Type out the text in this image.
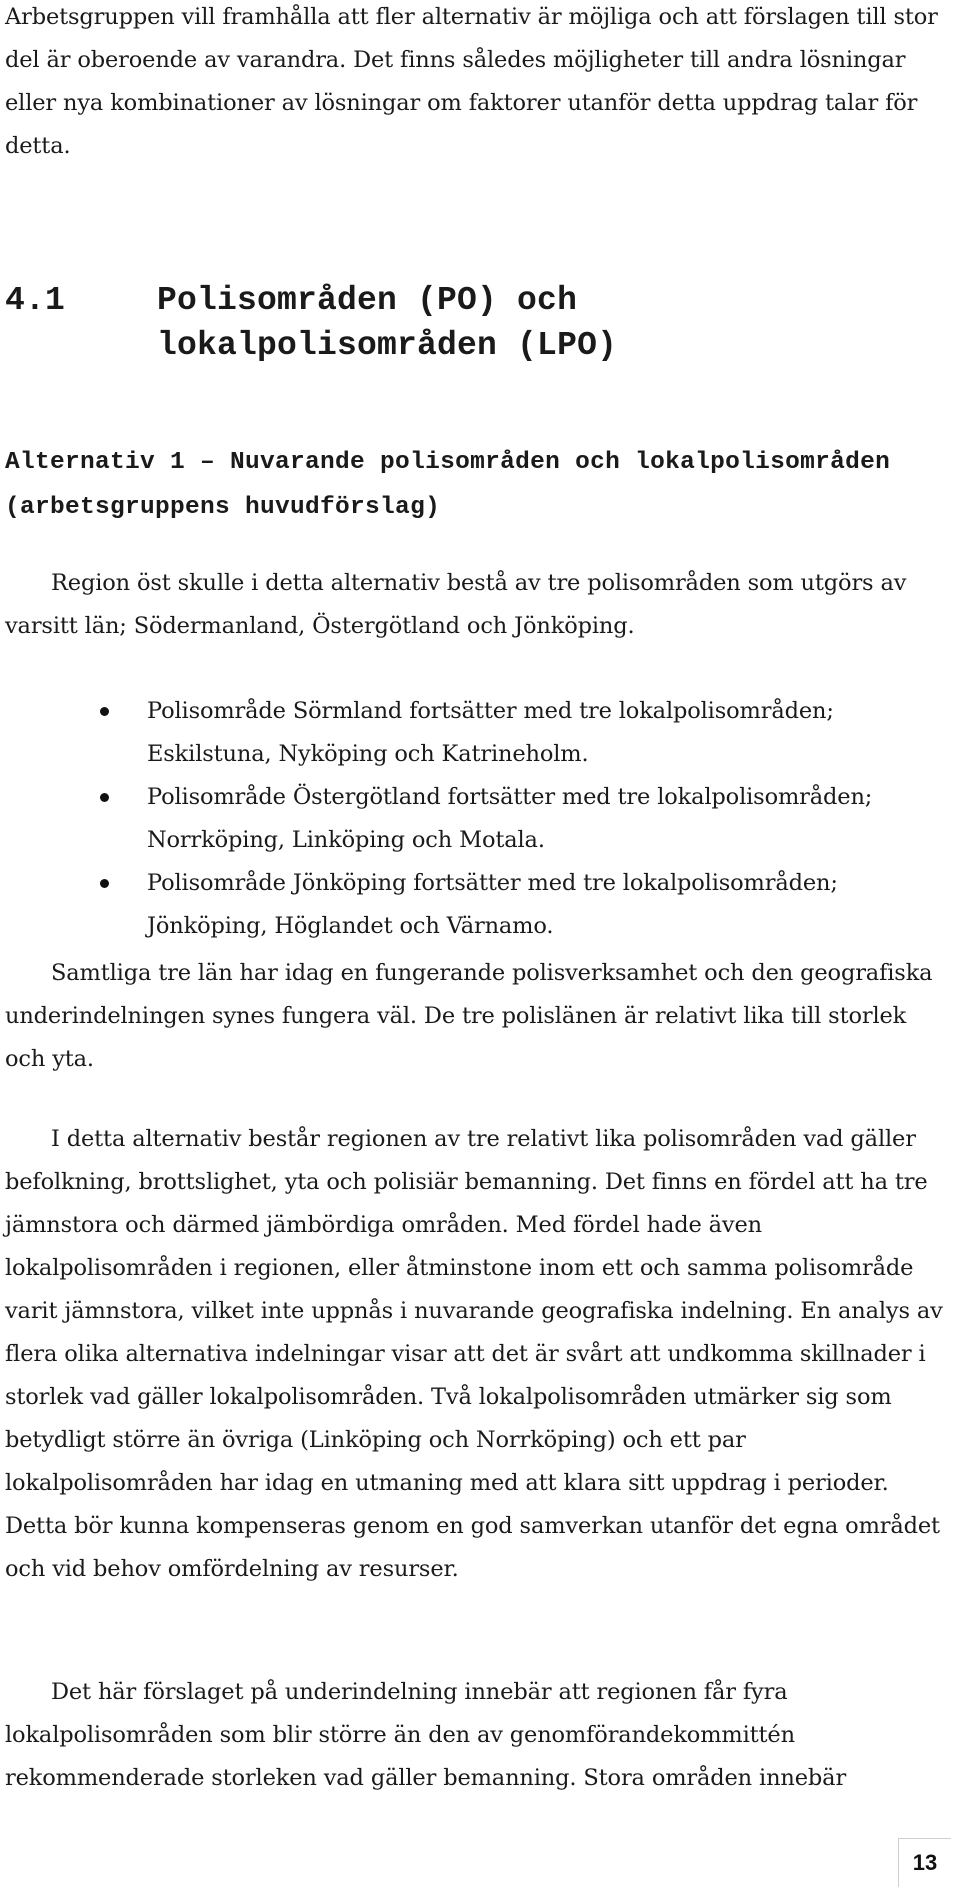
Arbetsgruppen vill framhålla att fler alternativ är möjliga och att förslagen till stor del är oberoende av varandra. Det finns således möjligheter till andra lösningar eller nya kombinationer av lösningar om faktorer utanför detta uppdrag talar för detta.

4.1	Polisområden (PO) och
lokalpolisområden (LPO)
Alternativ 1 – Nuvarande polisområden och lokalpolisområden (arbetsgruppens huvudförslag)

Region öst skulle i detta alternativ bestå av tre polisområden som utgörs av varsitt län; Södermanland, Östergötland och Jönköping.

Polisområde Sörmland fortsätter med tre lokalpolisområden; Eskilstuna, Nyköping och Katrineholm.
Polisområde Östergötland fortsätter med tre lokalpolisområden; Norrköping, Linköping och Motala.
Polisområde Jönköping fortsätter med tre lokalpolisområden; Jönköping, Höglandet och Värnamo.

Samtliga tre län har idag en fungerande polisverksamhet och den geografiska underindelningen synes fungera väl. De tre polislänen är relativt lika till storlek och yta.

I detta alternativ består regionen av tre relativt lika polisområden vad gäller befolkning, brottslighet, yta och polisiär bemanning. Det finns en fördel att ha tre jämnstora och därmed jämbördiga områden. Med fördel hade även lokalpolisområden i regionen, eller åtminstone inom ett och samma polisområde varit jämnstora, vilket inte uppnås i nuvarande geografiska indelning. En analys av flera olika alternativa indelningar visar att det är svårt att undkomma skillnader i storlek vad gäller lokalpolisområden. Två lokalpolisområden utmärker sig som betydligt större än övriga (Linköping och Norrköping) och ett par lokalpolisområden har idag en utmaning med att klara sitt uppdrag i perioder. Detta bör kunna kompenseras genom en god samverkan utanför det egna området och vid behov omfördelning av resurser.

Det här förslaget på underindelning innebär att regionen får fyra lokalpolisområden som blir större än den av genomförandekommittén rekommenderade storleken vad gäller bemanning. Stora områden innebär

13
